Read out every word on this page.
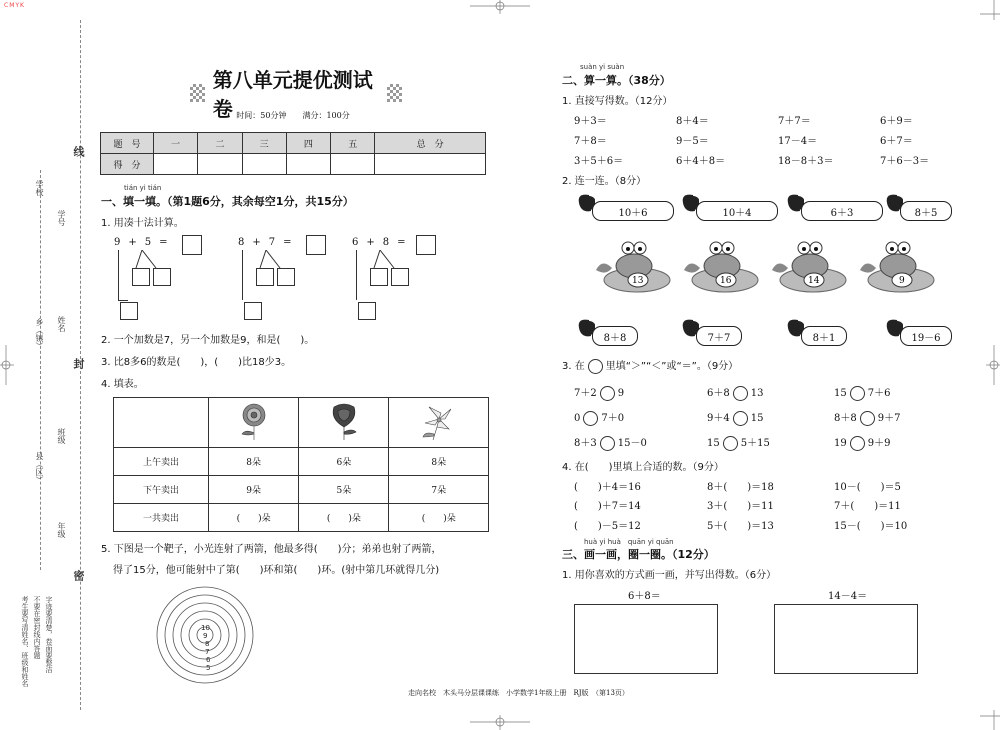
CMYK
学校
学号
乡（镇） 姓名
县（区）
班级
年级
线
封
密
考生要写清姓名、班级和姓名 不要在密封线内答题 字迹要清楚，卷面要整洁
第八单元提优测试卷 时间：50分钟　　满分：100分
题　号	一	二	三	四	五	总　分
得　分						
tián yi tián
一、填一填。（第1题6分，其余每空1分，共15分）
1. 用凑十法计算。
9+5=	8+7=	6+8=
2. 一个加数是7，另一个加数是9，和是(　　)。
3. 比8多6的数是(　　)，(　　)比18少3。
4. 填表。

上午卖出	8朵	6朵	8朵
下午卖出	9朵	5朵	7朵
一共卖出	(　　)朵	(　　)朵	(　　)朵
5. 下图是一个靶子，小光连射了两箭，他最多得(　　)分；弟弟也射了两箭，
得了15分，他可能射中了第(　　)环和第(　　)环。(射中第几环就得几分)
10
9
8
7
6
5
suàn yi suàn
二、算一算。（38分）
1. 直接写得数。（12分）
9＋3＝	8＋4＝	7＋7＝	6＋9＝
7＋8＝	9－5＝	17－4＝	6＋7＝
3＋5＋6＝	6＋4＋8＝	18－8＋3＝	7＋6－3＝
2. 连一连。（8分）
10＋6	10＋4	6＋3	8＋5
13	16	14	9
8＋8	7＋7	8＋1	19－6
3. 在 里填“＞”“＜”或“＝”。（9分）
7＋2 9	6＋8 13	15 7＋6
0 7＋0	9＋4 15	8＋8 9＋7
8＋3 15－0	15 5＋15	19 9＋9
4. 在(　　)里填上合适的数。（9分）
(　　)＋4＝16	8＋(　　)＝18	10－(　　)＝5
(　　)＋7＝14	3＋(　　)＝11	7＋(　　)＝11
(　　)－5＝12	5＋(　　)＝13	15－(　　)＝10
huà yi huà　quān yi quān
三、画一画，圈一圈。（12分）
1. 用你喜欢的方式画一画，并写出得数。（6分）
6＋8＝	14－4＝
走向名校　木头马分层课课练　小学数学1年级上册　RJ版　（第13页）
